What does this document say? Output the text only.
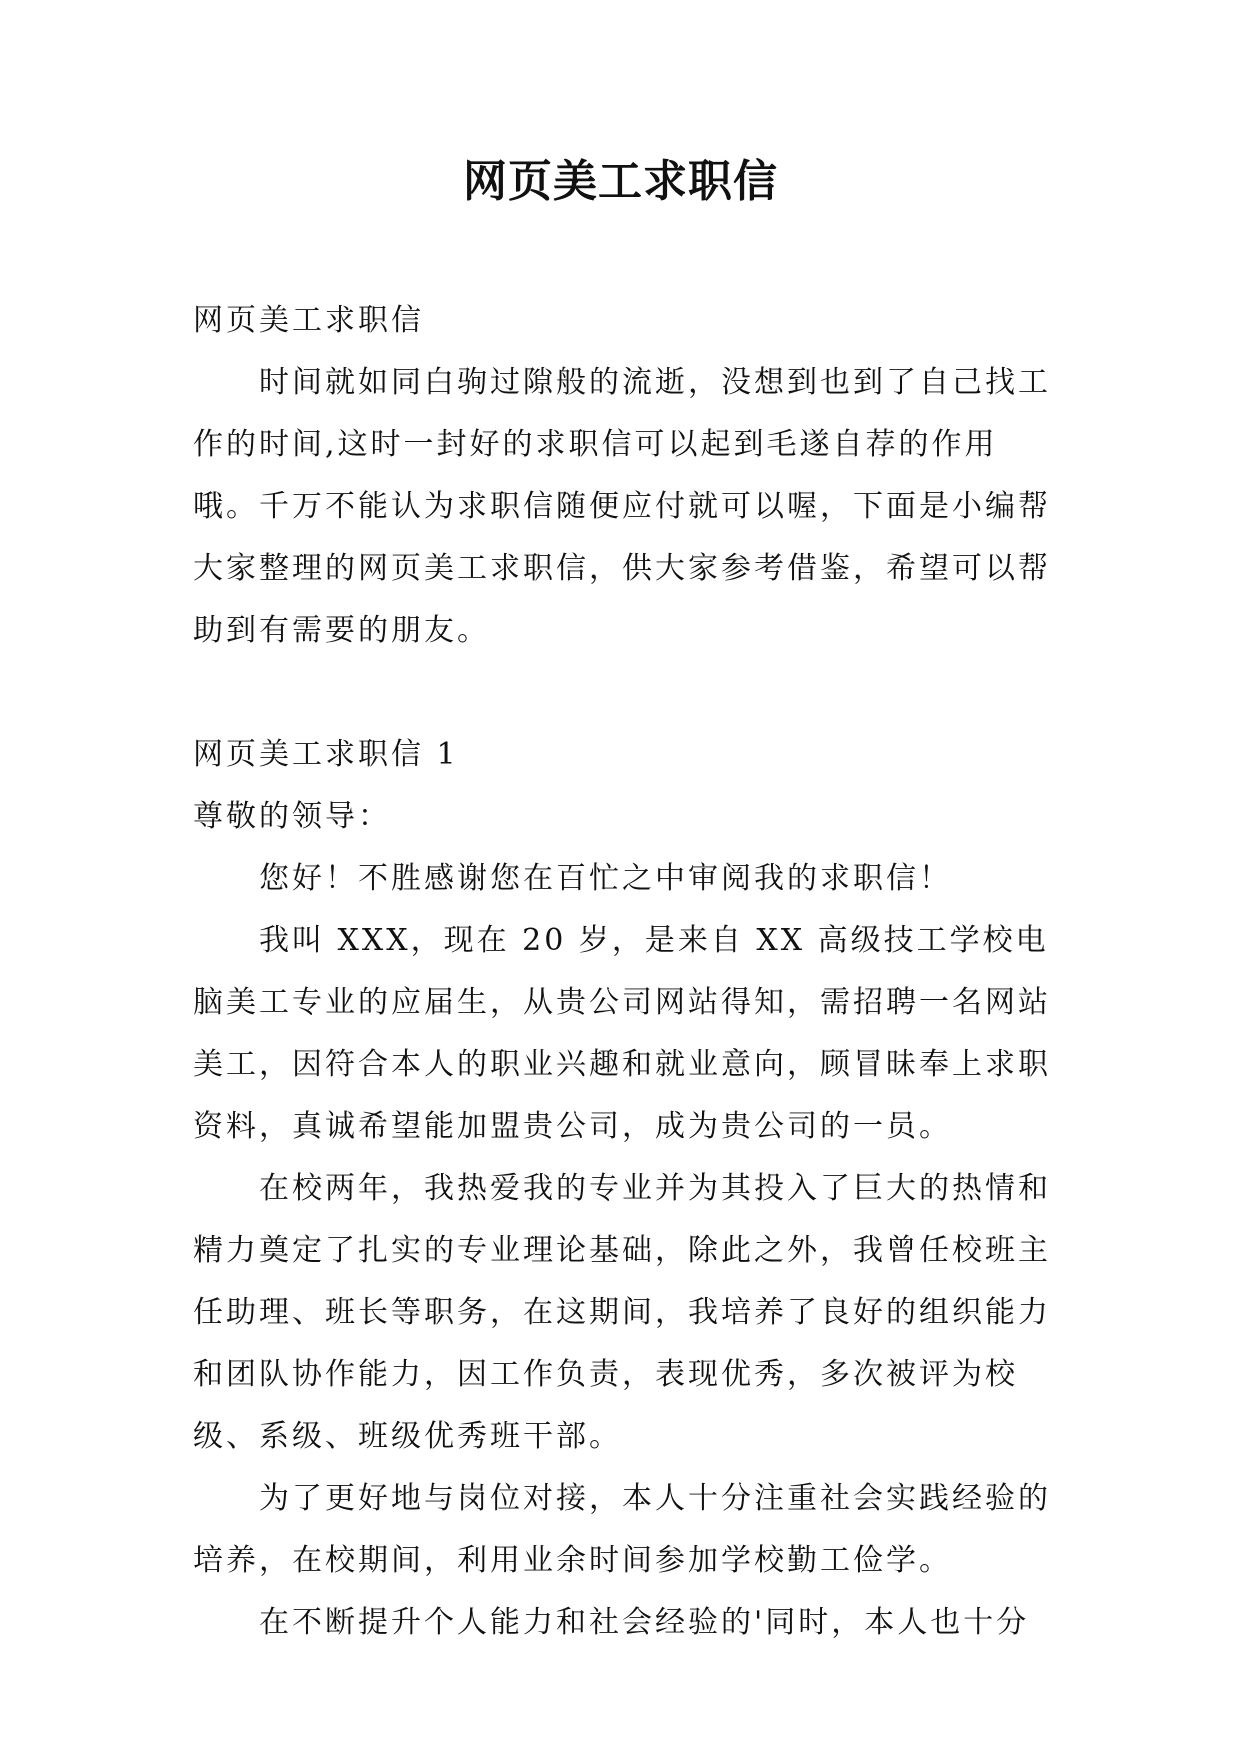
网页美工求职信

网页美工求职信

时间就如同白驹过隙般的流逝，没想到也到了自己找工作的时间,这时一封好的求职信可以起到毛遂自荐的作用哦。千万不能认为求职信随便应付就可以喔，下面是小编帮大家整理的网页美工求职信，供大家参考借鉴，希望可以帮助到有需要的朋友。

网页美工求职信 1

尊敬的领导：

您好！不胜感谢您在百忙之中审阅我的求职信！

我叫 XXX，现在 20 岁，是来自 XX 高级技工学校电脑美工专业的应届生，从贵公司网站得知，需招聘一名网站美工，因符合本人的职业兴趣和就业意向，顾冒昧奉上求职资料，真诚希望能加盟贵公司，成为贵公司的一员。

在校两年，我热爱我的专业并为其投入了巨大的热情和精力奠定了扎实的专业理论基础，除此之外，我曾任校班主任助理、班长等职务，在这期间，我培养了良好的组织能力和团队协作能力，因工作负责，表现优秀，多次被评为校级、系级、班级优秀班干部。

为了更好地与岗位对接，本人十分注重社会实践经验的培养，在校期间，利用业余时间参加学校勤工俭学。

在不断提升个人能力和社会经验的'同时，本人也十分
